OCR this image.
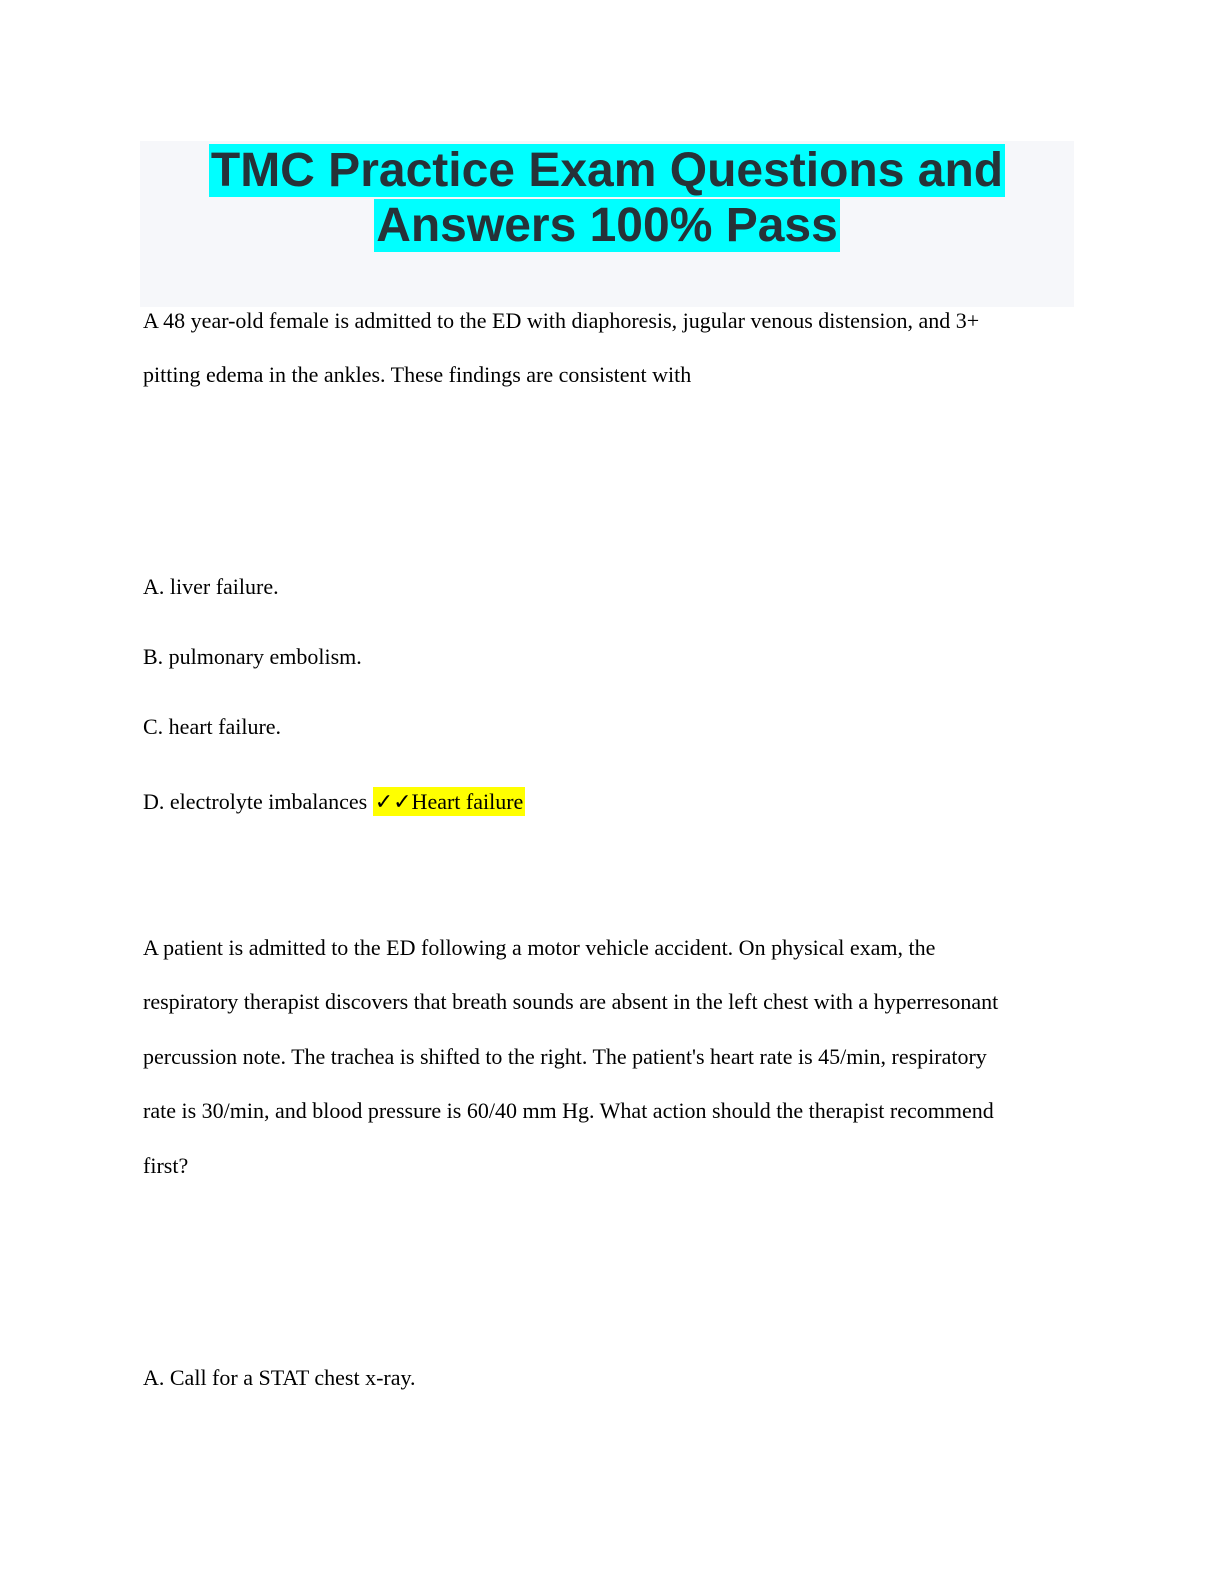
TMC Practice Exam Questions and
Answers 100% Pass
A 48 year-old female is admitted to the ED with diaphoresis, jugular venous distension, and 3+
pitting edema in the ankles. These findings are consistent with
A. liver failure.
B. pulmonary embolism.
C. heart failure.
D. electrolyte imbalances ✓✓Heart failure
A patient is admitted to the ED following a motor vehicle accident. On physical exam, the
respiratory therapist discovers that breath sounds are absent in the left chest with a hyperresonant
percussion note. The trachea is shifted to the right. The patient's heart rate is 45/min, respiratory
rate is 30/min, and blood pressure is 60/40 mm Hg. What action should the therapist recommend
first?
A. Call for a STAT chest x-ray.
